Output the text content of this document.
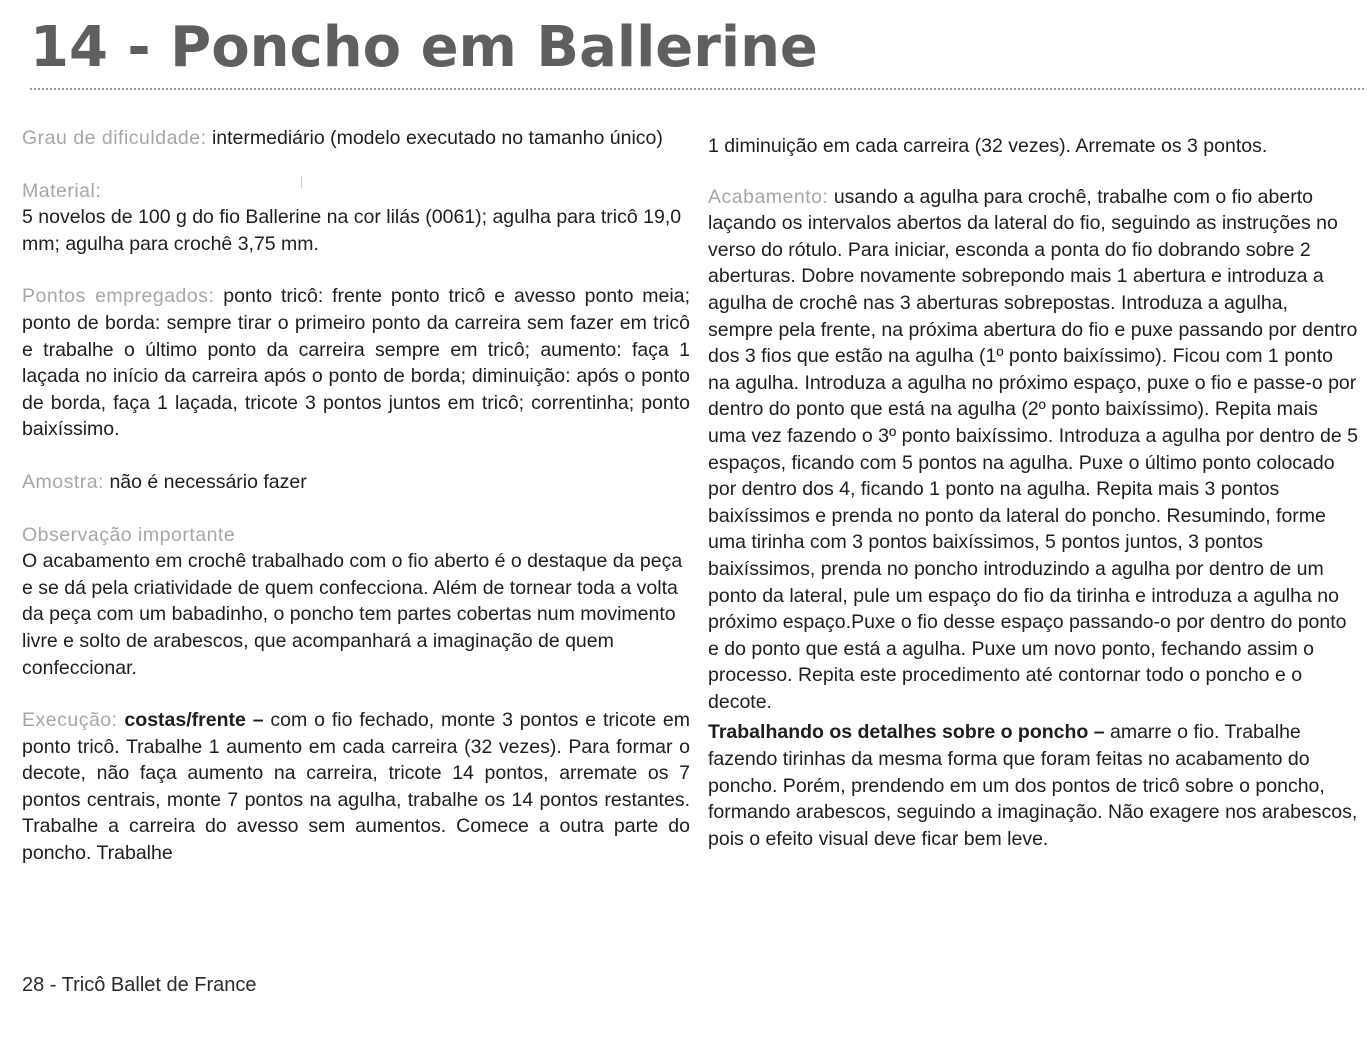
14 - Poncho em Ballerine

Grau de dificuldade: intermediário (modelo executado no tamanho único)

Material:
5 novelos de 100 g do fio Ballerine na cor lilás (0061); agulha para tricô 19,0 mm; agulha para crochê 3,75 mm.

Pontos empregados: ponto tricô: frente ponto tricô e avesso ponto meia; ponto de borda: sempre tirar o primeiro ponto da carreira sem fazer em tricô e trabalhe o último ponto da carreira sempre em tricô; aumento: faça 1 laçada no início da carreira após o ponto de borda; diminuição: após o ponto de borda, faça 1 laçada, tricote 3 pontos juntos em tricô; correntinha; ponto baixíssimo.

Amostra: não é necessário fazer

Observação importante
O acabamento em crochê trabalhado com o fio aberto é o destaque da peça e se dá pela criatividade de quem confecciona. Além de tornear toda a volta da peça com um babadinho, o poncho tem partes cobertas num movimento livre e solto de arabescos, que acompanhará a imaginação de quem confeccionar.

Execução: costas/frente – com o fio fechado, monte 3 pontos e tricote em ponto tricô. Trabalhe 1 aumento em cada carreira (32 vezes). Para formar o decote, não faça aumento na carreira, tricote 14 pontos, arremate os 7 pontos centrais, monte 7 pontos na agulha, trabalhe os 14 pontos restantes. Trabalhe a carreira do avesso sem aumentos. Comece a outra parte do poncho. Trabalhe

1 diminuição em cada carreira (32 vezes). Arremate os 3 pontos.

Acabamento: usando a agulha para crochê, trabalhe com o fio aberto laçando os intervalos abertos da lateral do fio, seguindo as instruções no verso do rótulo. Para iniciar, esconda a ponta do fio dobrando sobre 2 aberturas. Dobre novamente sobrepondo mais 1 abertura e introduza a agulha de crochê nas 3 aberturas sobrepostas. Introduza a agulha, sempre pela frente, na próxima abertura do fio e puxe passando por dentro dos 3 fios que estão na agulha (1º ponto baixíssimo). Ficou com 1 ponto na agulha. Introduza a agulha no próximo espaço, puxe o fio e passe-o por dentro do ponto que está na agulha (2º ponto baixíssimo). Repita mais uma vez fazendo o 3º ponto baixíssimo. Introduza a agulha por dentro de 5 espaços, ficando com 5 pontos na agulha. Puxe o último ponto colocado por dentro dos 4, ficando 1 ponto na agulha. Repita mais 3 pontos baixíssimos e prenda no ponto da lateral do poncho. Resumindo, forme uma tirinha com 3 pontos baixíssimos, 5 pontos juntos, 3 pontos baixíssimos, prenda no poncho introduzindo a agulha por dentro de um ponto da lateral, pule um espaço do fio da tirinha e introduza a agulha no próximo espaço.Puxe o fio desse espaço passando-o por dentro do ponto e do ponto que está a agulha. Puxe um novo ponto, fechando assim o processo. Repita este procedimento até contornar todo o poncho e o decote.

Trabalhando os detalhes sobre o poncho – amarre o fio. Trabalhe fazendo tirinhas da mesma forma que foram feitas no acabamento do poncho. Porém, prendendo em um dos pontos de tricô sobre o poncho, formando arabescos, seguindo a imaginação. Não exagere nos arabescos, pois o efeito visual deve ficar bem leve.

28 - Tricô Ballet de France
